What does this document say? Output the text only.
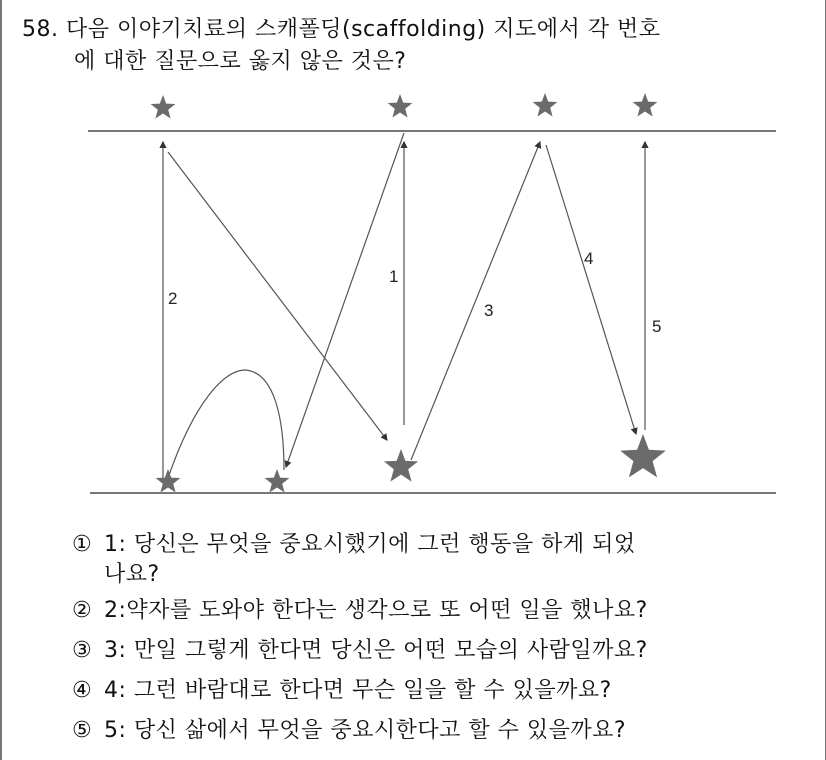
58. 다음 이야기치료의 스캐폴딩(scaffolding) 지도에서 각 번호
에 대한 질문으로 옳지 않은 것은?
2
1
3
4
5
① 1: 당신은 무엇을 중요시했기에 그런 행동을 하게 되었
나요?
② 2:약자를 도와야 한다는 생각으로 또 어떤 일을 했나요?
③ 3: 만일 그렇게 한다면 당신은 어떤 모습의 사람일까요?
④ 4: 그런 바람대로 한다면 무슨 일을 할 수 있을까요?
⑤ 5: 당신 삶에서 무엇을 중요시한다고 할 수 있을까요?
